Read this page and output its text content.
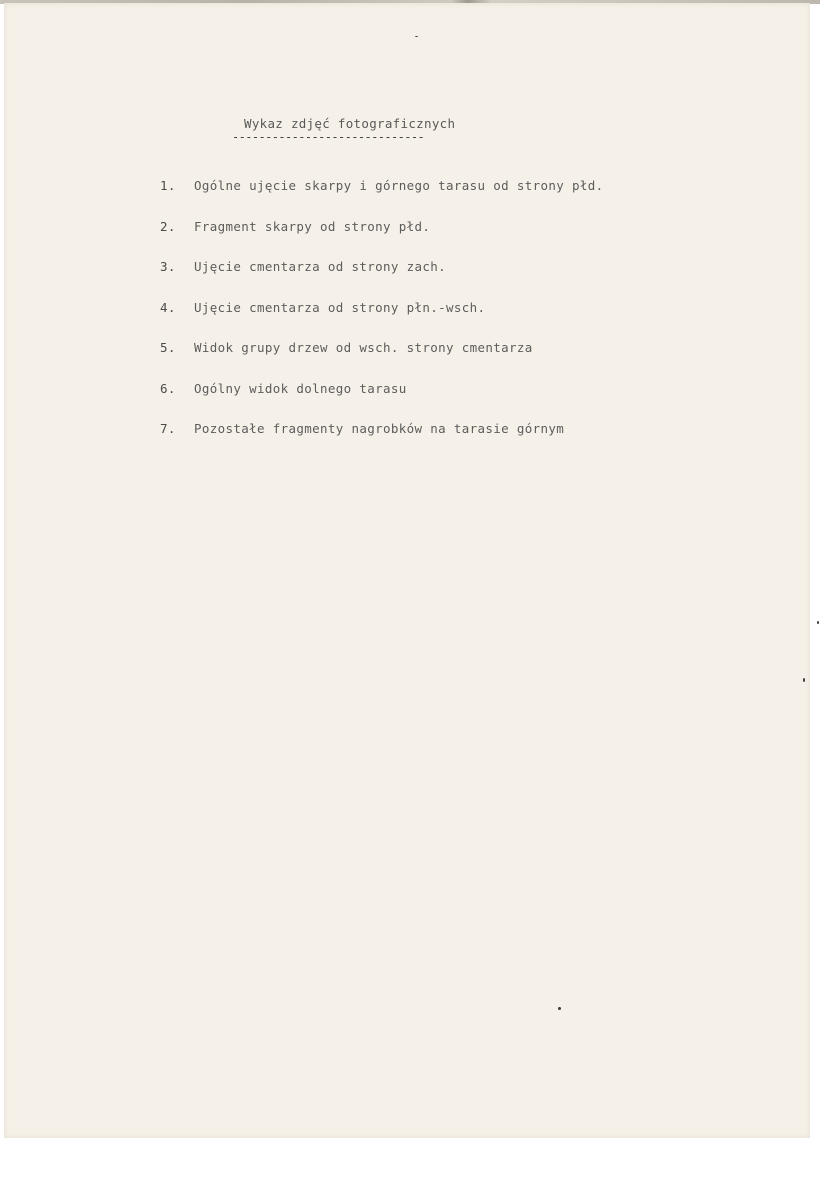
Wykaz zdjęć fotograficznych
-----------------------------
1. Ogólne ujęcie skarpy i górnego tarasu od strony płd.
2. Fragment skarpy od strony płd.
3. Ujęcie cmentarza od strony zach.
4. Ujęcie cmentarza od strony płn.-wsch.
5. Widok grupy drzew od wsch. strony cmentarza
6. Ogólny widok dolnego tarasu
7. Pozostałe fragmenty nagrobków na tarasie górnym
